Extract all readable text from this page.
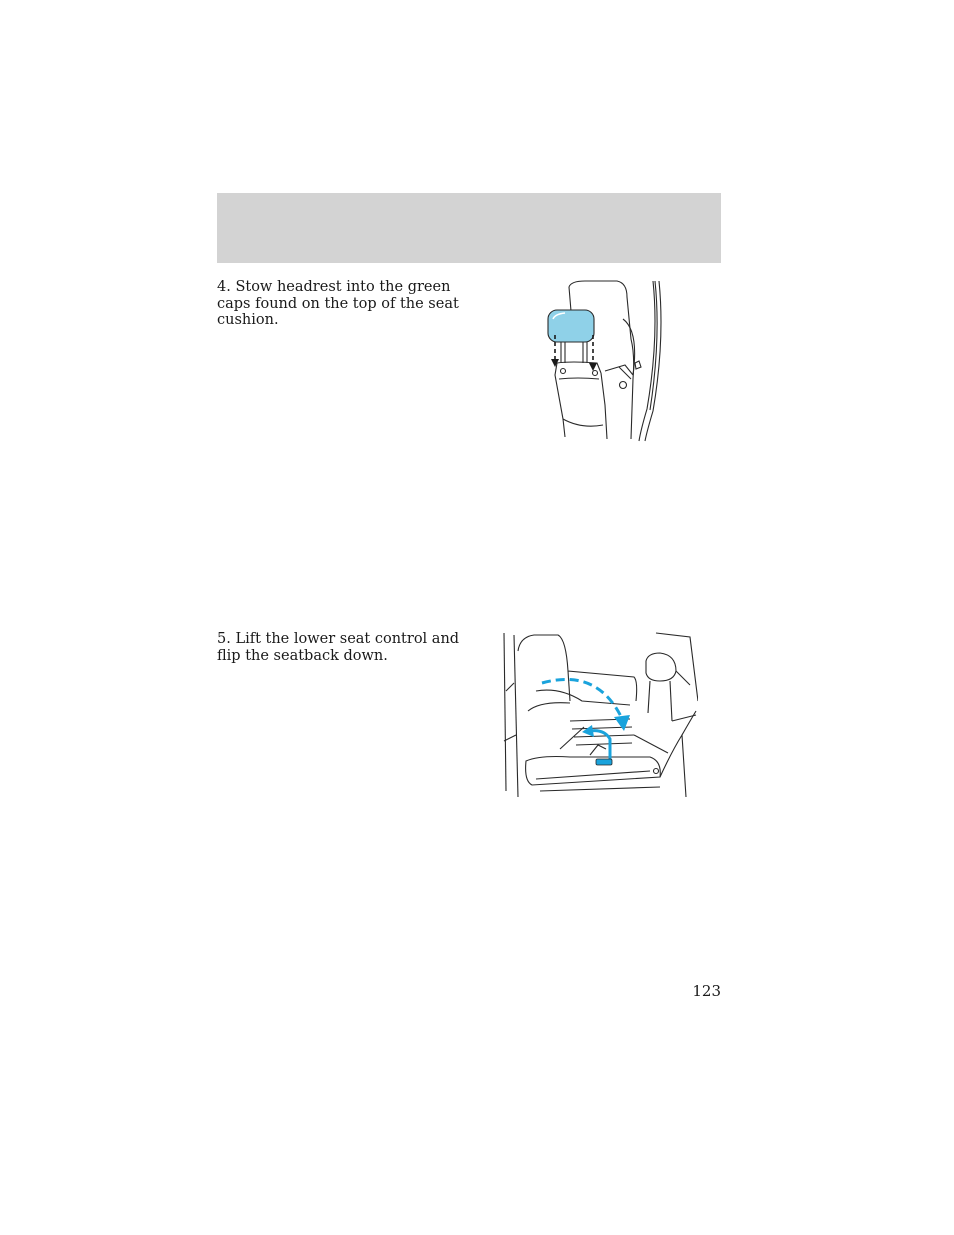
4. Stow headrest into the green caps found on the top of the seat cushion.

5. Lift the lower seat control and flip the seatback down.

123
